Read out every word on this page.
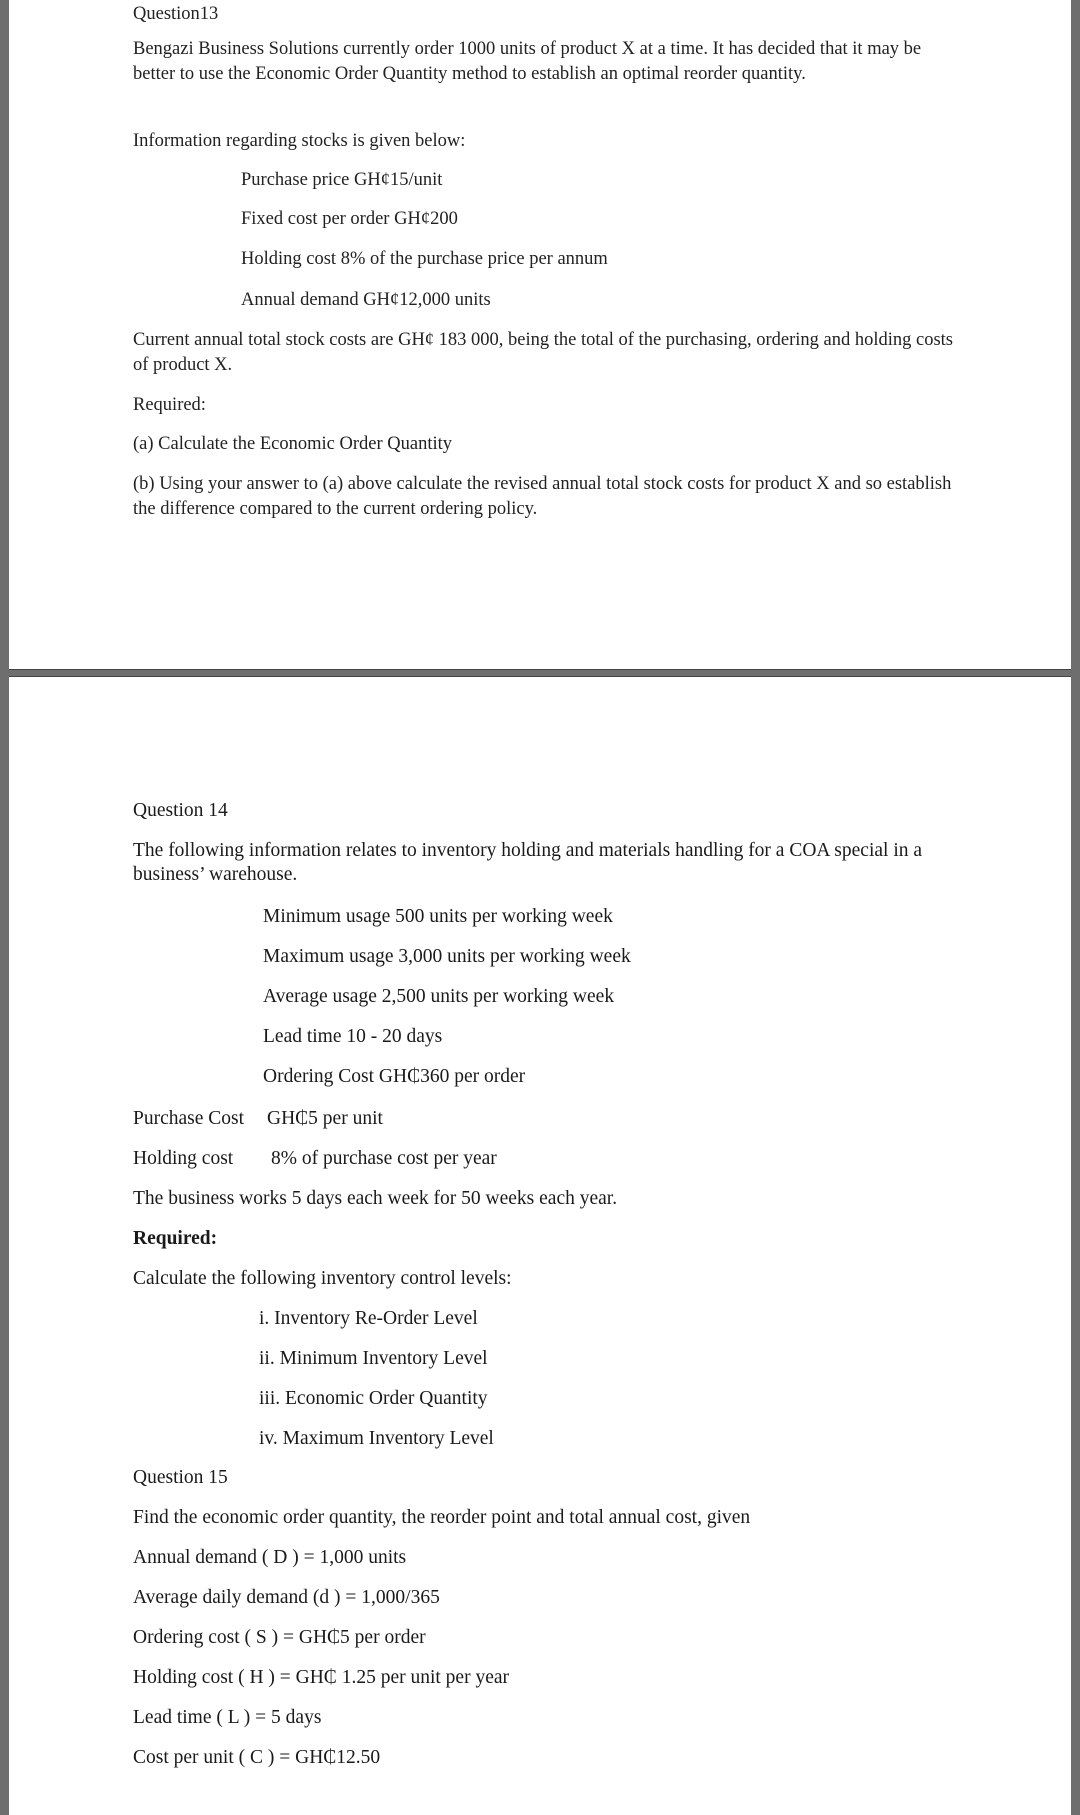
Question13
Bengazi Business Solutions currently order 1000 units of product X at a time. It has decided that it may be better to use the Economic Order Quantity method to establish an optimal reorder quantity.
Information regarding stocks is given below:
Purchase price GH¢15/unit
Fixed cost per order GH¢200
Holding cost 8% of the purchase price per annum
Annual demand GH¢12,000 units
Current annual total stock costs are GH¢ 183 000, being the total of the purchasing, ordering and holding costs of product X.
Required:
(a) Calculate the Economic Order Quantity
(b) Using your answer to (a) above calculate the revised annual total stock costs for product X and so establish the difference compared to the current ordering policy.
Question 14
The following information relates to inventory holding and materials handling for a COA special in a business’ warehouse.
Minimum usage 500 units per working week
Maximum usage 3,000 units per working week
Average usage 2,500 units per working week
Lead time 10 - 20 days
Ordering Cost GH₵360 per order
Purchase Cost GH₵5 per unit
Holding cost 8% of purchase cost per year
The business works 5 days each week for 50 weeks each year.
Required:
Calculate the following inventory control levels:
i. Inventory Re-Order Level
ii. Minimum Inventory Level
iii. Economic Order Quantity
iv. Maximum Inventory Level
Question 15
Find the economic order quantity, the reorder point and total annual cost, given
Annual demand ( D ) = 1,000 units
Average daily demand (d ) = 1,000/365
Ordering cost ( S ) = GH₵5 per order
Holding cost ( H ) = GH₵ 1.25 per unit per year
Lead time ( L ) = 5 days
Cost per unit ( C ) = GH₵12.50
